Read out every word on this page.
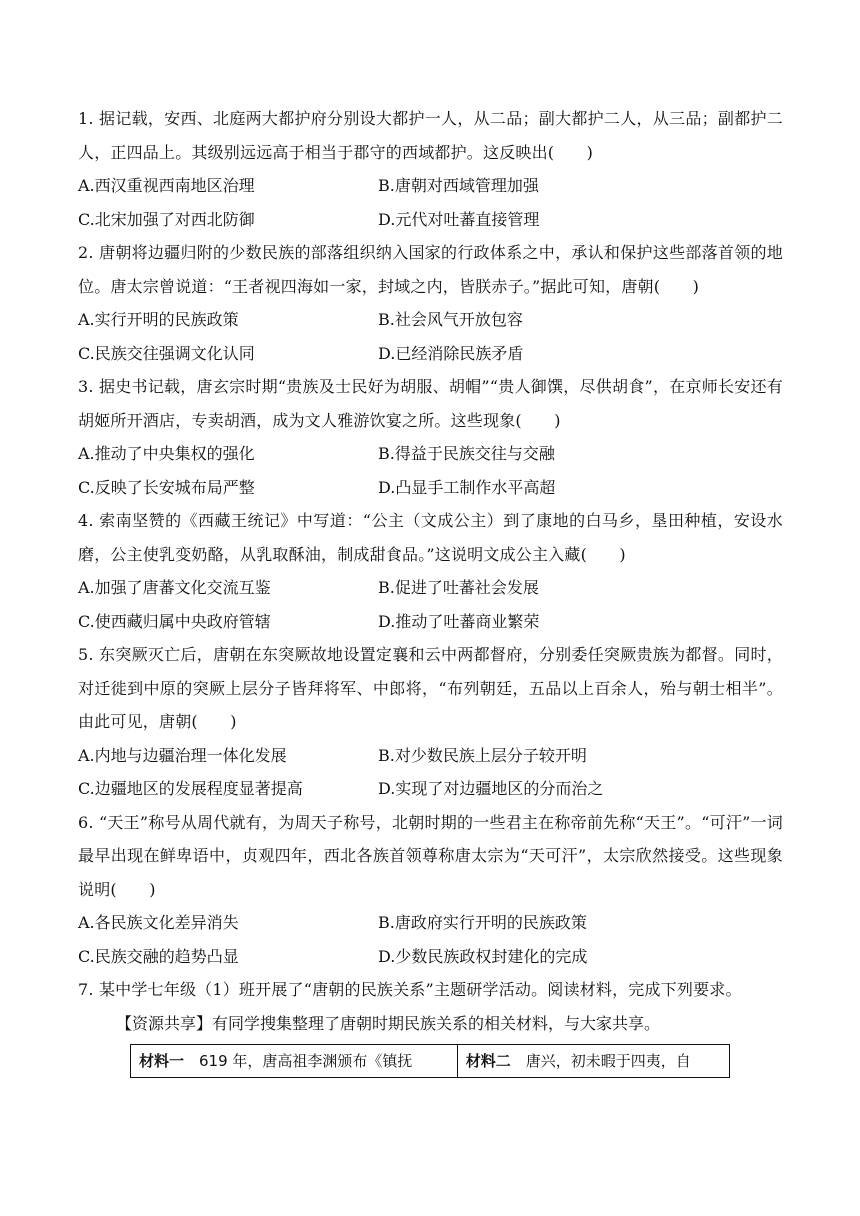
1. 据记载，安西、北庭两大都护府分别设大都护一人，从二品；副大都护二人，从三品；副都护二人，正四品上。其级别远远高于相当于郡守的西域都护。这反映出(　　)

A.西汉重视西南地区治理	B.唐朝对西域管理加强
C.北宋加强了对西北防御	D.元代对吐蕃直接管理

2. 唐朝将边疆归附的少数民族的部落组织纳入国家的行政体系之中，承认和保护这些部落首领的地位。唐太宗曾说道：“王者视四海如一家，封域之内，皆朕赤子。”据此可知，唐朝(　　)

A.实行开明的民族政策	B.社会风气开放包容
C.民族交往强调文化认同	D.已经消除民族矛盾

3. 据史书记载，唐玄宗时期“贵族及士民好为胡服、胡帽”“贵人御馔，尽供胡食”，在京师长安还有胡姬所开酒店，专卖胡酒，成为文人雅游饮宴之所。这些现象(　　)

A.推动了中央集权的强化	B.得益于民族交往与交融
C.反映了长安城布局严整	D.凸显手工制作水平高超

4. 索南坚赞的《西藏王统记》中写道：“公主（文成公主）到了康地的白马乡，垦田种植，安设水磨，公主使乳变奶酪，从乳取酥油，制成甜食品。”这说明文成公主入藏(　　)

A.加强了唐蕃文化交流互鉴	B.促进了吐蕃社会发展
C.使西藏归属中央政府管辖	D.推动了吐蕃商业繁荣

5. 东突厥灭亡后，唐朝在东突厥故地设置定襄和云中两都督府，分别委任突厥贵族为都督。同时，对迁徙到中原的突厥上层分子皆拜将军、中郎将，“布列朝廷，五品以上百余人，殆与朝士相半”。由此可见，唐朝(　　)

A.内地与边疆治理一体化发展	B.对少数民族上层分子较开明
C.边疆地区的发展程度显著提高	D.实现了对边疆地区的分而治之

6. “天王”称号从周代就有，为周天子称号，北朝时期的一些君主在称帝前先称“天王”。“可汗”一词最早出现在鲜卑语中，贞观四年，西北各族首领尊称唐太宗为“天可汗”，太宗欣然接受。这些现象说明(　　)

A.各民族文化差异消失	B.唐政府实行开明的民族政策
C.民族交融的趋势凸显	D.少数民族政权封建化的完成

7. 某中学七年级（1）班开展了“唐朝的民族关系”主题研学活动。阅读材料，完成下列要求。

【资源共享】有同学搜集整理了唐朝时期民族关系的相关材料，与大家共享。

材料一　619 年，唐高祖李渊颁布《镇抚	材料二　唐兴，初未暇于四夷，自
